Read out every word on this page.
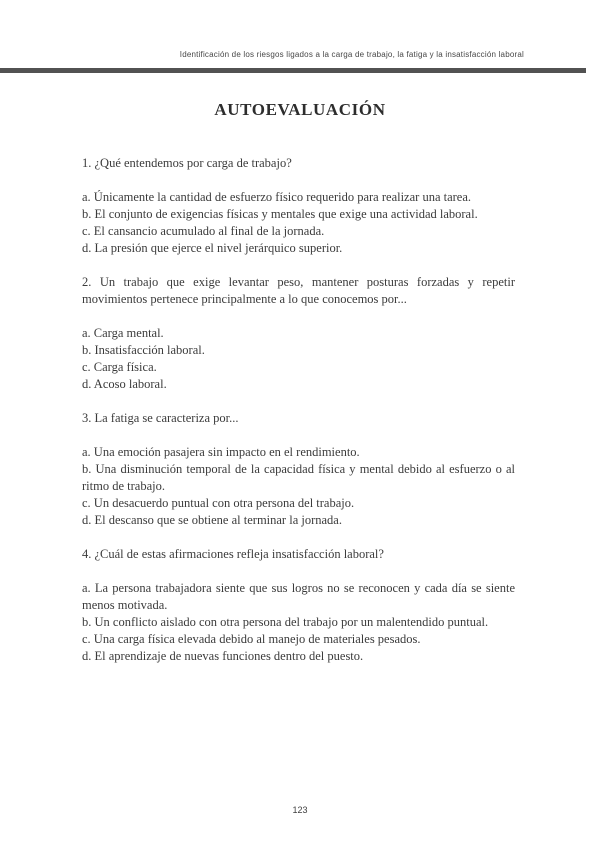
Identificación de los riesgos ligados a la carga de trabajo, la fatiga y la insatisfacción laboral
AUTOEVALUACIÓN

1. ¿Qué entendemos por carga de trabajo?

a. Únicamente la cantidad de esfuerzo físico requerido para realizar una tarea.

b. El conjunto de exigencias físicas y mentales que exige una actividad laboral.

c. El cansancio acumulado al final de la jornada.

d. La presión que ejerce el nivel jerárquico superior.

2. Un trabajo que exige levantar peso, mantener posturas forzadas y repetir movimientos pertenece principalmente a lo que conocemos por...

a. Carga mental.

b. Insatisfacción laboral.

c. Carga física.

d. Acoso laboral.

3. La fatiga se caracteriza por...

a. Una emoción pasajera sin impacto en el rendimiento.

b. Una disminución temporal de la capacidad física y mental debido al esfuerzo o al ritmo de trabajo.

c. Un desacuerdo puntual con otra persona del trabajo.

d. El descanso que se obtiene al terminar la jornada.

4. ¿Cuál de estas afirmaciones refleja insatisfacción laboral?

a. La persona trabajadora siente que sus logros no se reconocen y cada día se siente menos motivada.

b. Un conflicto aislado con otra persona del trabajo por un malentendido puntual.

c. Una carga física elevada debido al manejo de materiales pesados.

d. El aprendizaje de nuevas funciones dentro del puesto.

123
